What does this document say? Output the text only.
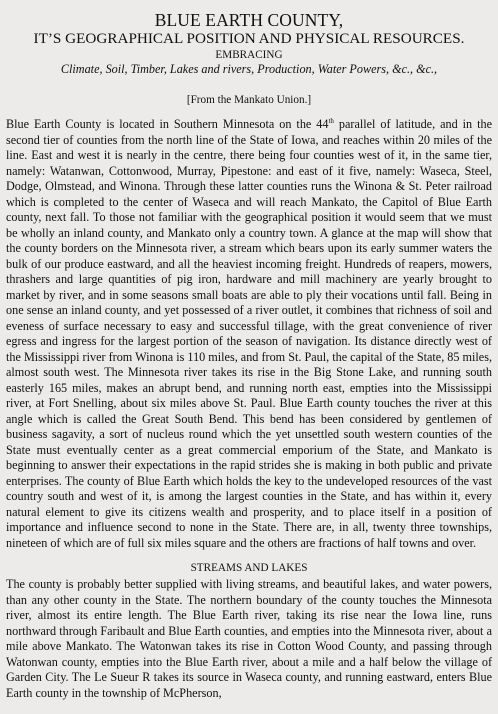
BLUE EARTH COUNTY,

IT’S GEOGRAPHICAL POSITION AND PHYSICAL RESOURCES.

EMBRACING

Climate, Soil, Timber, Lakes and rivers, Production, Water Powers, &c., &c.,

[From the Mankato Union.]

Blue Earth County is located in Southern Minnesota on the 44th parallel of latitude, and in the second tier of counties from the north line of the State of Iowa, and reaches within 20 miles of the line. East and west it is nearly in the centre, there being four counties west of it, in the same tier, namely: Watanwan, Cottonwood, Murray, Pipestone: and east of it five, namely: Waseca, Steel, Dodge, Olmstead, and Winona. Through these latter counties runs the Winona & St. Peter railroad which is completed to the center of Waseca and will reach Mankato, the Capitol of Blue Earth county, next fall. To those not familiar with the geographical position it would seem that we must be wholly an inland county, and Mankato only a country town. A glance at the map will show that the county borders on the Minnesota river, a stream which bears upon its early summer waters the bulk of our produce eastward, and all the heaviest incoming freight. Hundreds of reapers, mowers, thrashers and large quantities of pig iron, hardware and mill machinery are yearly brought to market by river, and in some seasons small boats are able to ply their vocations until fall. Being in one sense an inland county, and yet possessed of a river outlet, it combines that richness of soil and eveness of surface necessary to easy and successful tillage, with the great convenience of river egress and ingress for the largest portion of the season of navigation. Its distance directly west of the Mississippi river from Winona is 110 miles, and from St. Paul, the capital of the State, 85 miles, almost south west. The Minnesota river takes its rise in the Big Stone Lake, and running south easterly 165 miles, makes an abrupt bend, and running north east, empties into the Mississippi river, at Fort Snelling, about six miles above St. Paul. Blue Earth county touches the river at this angle which is called the Great South Bend. This bend has been considered by gentlemen of business sagavity, a sort of nucleus round which the yet unsettled south western counties of the State must eventually center as a great commercial emporium of the State, and Mankato is beginning to answer their expectations in the rapid strides she is making in both public and private enterprises. The county of Blue Earth which holds the key to the undeveloped resources of the vast country south and west of it, is among the largest counties in the State, and has within it, every natural element to give its citizens wealth and prosperity, and to place itself in a position of importance and influence second to none in the State. There are, in all, twenty three townships, nineteen of which are of full six miles square and the others are fractions of half towns and over.

STREAMS AND LAKES

The county is probably better supplied with living streams, and beautiful lakes, and water powers, than any other county in the State. The northern boundary of the county touches the Minnesota river, almost its entire length. The Blue Earth river, taking its rise near the Iowa line, runs northward through Faribault and Blue Earth counties, and empties into the Minnesota river, about a mile above Mankato. The Watonwan takes its rise in Cotton Wood County, and passing through Watonwan county, empties into the Blue Earth river, about a mile and a half below the village of Garden City. The Le Sueur R takes its source in Waseca county, and running eastward, enters Blue Earth county in the township of McPherson,
